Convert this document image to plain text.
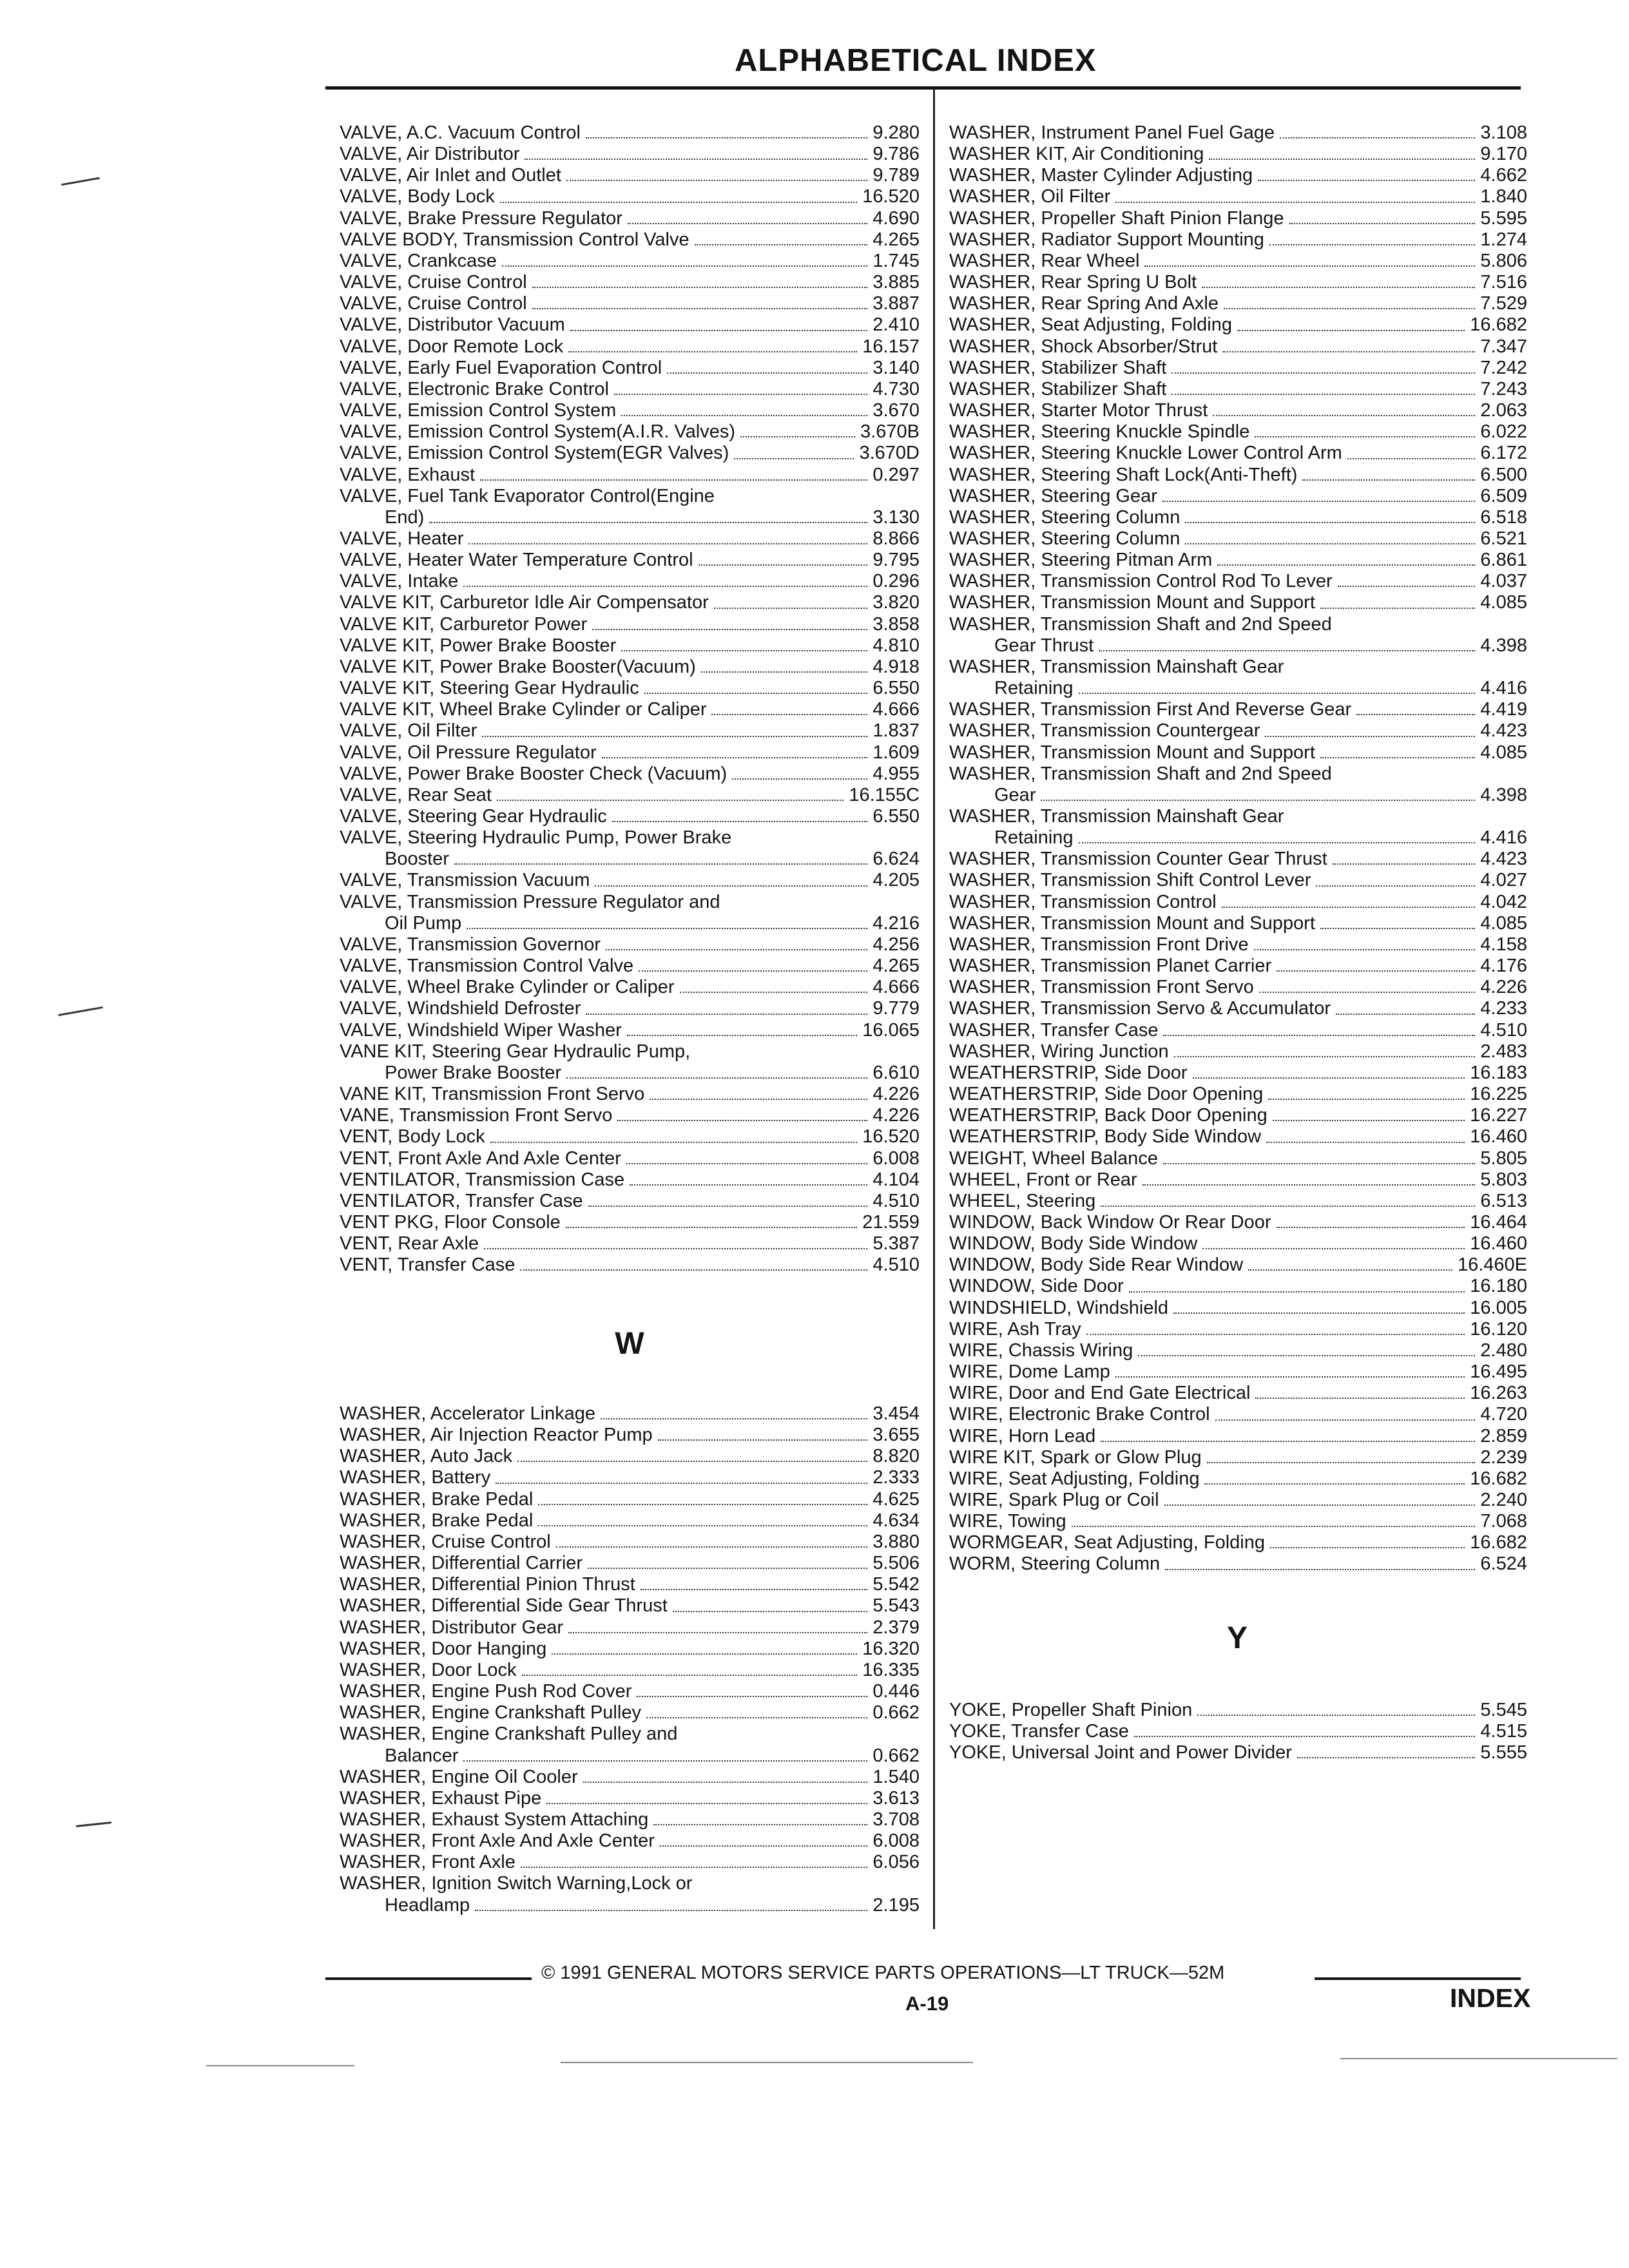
ALPHABETICAL INDEX
VALVE, A.C. Vacuum Control	9.280
VALVE, Air Distributor	9.786
VALVE, Air Inlet and Outlet	9.789
VALVE, Body Lock	16.520
VALVE, Brake Pressure Regulator	4.690
VALVE BODY, Transmission Control Valve	4.265
VALVE, Crankcase	1.745
VALVE, Cruise Control	3.885
VALVE, Cruise Control	3.887
VALVE, Distributor Vacuum	2.410
VALVE, Door Remote Lock	16.157
VALVE, Early Fuel Evaporation Control	3.140
VALVE, Electronic Brake Control	4.730
VALVE, Emission Control System	3.670
VALVE, Emission Control System(A.I.R. Valves)	3.670B
VALVE, Emission Control System(EGR Valves)	3.670D
VALVE, Exhaust	0.297
VALVE, Fuel Tank Evaporator Control(Engine
End)	3.130
VALVE, Heater	8.866
VALVE, Heater Water Temperature Control	9.795
VALVE, Intake	0.296
VALVE KIT, Carburetor Idle Air Compensator	3.820
VALVE KIT, Carburetor Power	3.858
VALVE KIT, Power Brake Booster	4.810
VALVE KIT, Power Brake Booster(Vacuum)	4.918
VALVE KIT, Steering Gear Hydraulic	6.550
VALVE KIT, Wheel Brake Cylinder or Caliper	4.666
VALVE, Oil Filter	1.837
VALVE, Oil Pressure Regulator	1.609
VALVE, Power Brake Booster Check (Vacuum)	4.955
VALVE, Rear Seat	16.155C
VALVE, Steering Gear Hydraulic	6.550
VALVE, Steering Hydraulic Pump, Power Brake
Booster	6.624
VALVE, Transmission Vacuum	4.205
VALVE, Transmission Pressure Regulator and
Oil Pump	4.216
VALVE, Transmission Governor	4.256
VALVE, Transmission Control Valve	4.265
VALVE, Wheel Brake Cylinder or Caliper	4.666
VALVE, Windshield Defroster	9.779
VALVE, Windshield Wiper Washer	16.065
VANE KIT, Steering Gear Hydraulic Pump,
Power Brake Booster	6.610
VANE KIT, Transmission Front Servo	4.226
VANE, Transmission Front Servo	4.226
VENT, Body Lock	16.520
VENT, Front Axle And Axle Center	6.008
VENTILATOR, Transmission Case	4.104
VENTILATOR, Transfer Case	4.510
VENT PKG, Floor Console	21.559
VENT, Rear Axle	5.387
VENT, Transfer Case	4.510
W
WASHER, Accelerator Linkage	3.454
WASHER, Air Injection Reactor Pump	3.655
WASHER, Auto Jack	8.820
WASHER, Battery	2.333
WASHER, Brake Pedal	4.625
WASHER, Brake Pedal	4.634
WASHER, Cruise Control	3.880
WASHER, Differential Carrier	5.506
WASHER, Differential Pinion Thrust	5.542
WASHER, Differential Side Gear Thrust	5.543
WASHER, Distributor Gear	2.379
WASHER, Door Hanging	16.320
WASHER, Door Lock	16.335
WASHER, Engine Push Rod Cover	0.446
WASHER, Engine Crankshaft Pulley	0.662
WASHER, Engine Crankshaft Pulley and
Balancer	0.662
WASHER, Engine Oil Cooler	1.540
WASHER, Exhaust Pipe	3.613
WASHER, Exhaust System Attaching	3.708
WASHER, Front Axle And Axle Center	6.008
WASHER, Front Axle	6.056
WASHER, Ignition Switch Warning,Lock or
Headlamp	2.195
WASHER, Instrument Panel Fuel Gage	3.108
WASHER KIT, Air Conditioning	9.170
WASHER, Master Cylinder Adjusting	4.662
WASHER, Oil Filter	1.840
WASHER, Propeller Shaft Pinion Flange	5.595
WASHER, Radiator Support Mounting	1.274
WASHER, Rear Wheel	5.806
WASHER, Rear Spring U Bolt	7.516
WASHER, Rear Spring And Axle	7.529
WASHER, Seat Adjusting, Folding	16.682
WASHER, Shock Absorber/Strut	7.347
WASHER, Stabilizer Shaft	7.242
WASHER, Stabilizer Shaft	7.243
WASHER, Starter Motor Thrust	2.063
WASHER, Steering Knuckle Spindle	6.022
WASHER, Steering Knuckle Lower Control Arm	6.172
WASHER, Steering Shaft Lock(Anti-Theft)	6.500
WASHER, Steering Gear	6.509
WASHER, Steering Column	6.518
WASHER, Steering Column	6.521
WASHER, Steering Pitman Arm	6.861
WASHER, Transmission Control Rod To Lever	4.037
WASHER, Transmission Mount and Support	4.085
WASHER, Transmission Shaft and 2nd Speed
Gear Thrust	4.398
WASHER, Transmission Mainshaft Gear
Retaining	4.416
WASHER, Transmission First And Reverse Gear	4.419
WASHER, Transmission Countergear	4.423
WASHER, Transmission Mount and Support	4.085
WASHER, Transmission Shaft and 2nd Speed
Gear	4.398
WASHER, Transmission Mainshaft Gear
Retaining	4.416
WASHER, Transmission Counter Gear Thrust	4.423
WASHER, Transmission Shift Control Lever	4.027
WASHER, Transmission Control	4.042
WASHER, Transmission Mount and Support	4.085
WASHER, Transmission Front Drive	4.158
WASHER, Transmission Planet Carrier	4.176
WASHER, Transmission Front Servo	4.226
WASHER, Transmission Servo & Accumulator	4.233
WASHER, Transfer Case	4.510
WASHER, Wiring Junction	2.483
WEATHERSTRIP, Side Door	16.183
WEATHERSTRIP, Side Door Opening	16.225
WEATHERSTRIP, Back Door Opening	16.227
WEATHERSTRIP, Body Side Window	16.460
WEIGHT, Wheel Balance	5.805
WHEEL, Front or Rear	5.803
WHEEL, Steering	6.513
WINDOW, Back Window Or Rear Door	16.464
WINDOW, Body Side Window	16.460
WINDOW, Body Side Rear Window	16.460E
WINDOW, Side Door	16.180
WINDSHIELD, Windshield	16.005
WIRE, Ash Tray	16.120
WIRE, Chassis Wiring	2.480
WIRE, Dome Lamp	16.495
WIRE, Door and End Gate Electrical	16.263
WIRE, Electronic Brake Control	4.720
WIRE, Horn Lead	2.859
WIRE KIT, Spark or Glow Plug	2.239
WIRE, Seat Adjusting, Folding	16.682
WIRE, Spark Plug or Coil	2.240
WIRE, Towing	7.068
WORMGEAR, Seat Adjusting, Folding	16.682
WORM, Steering Column	6.524
Y
YOKE, Propeller Shaft Pinion	5.545
YOKE, Transfer Case	4.515
YOKE, Universal Joint and Power Divider	5.555
© 1991 GENERAL MOTORS SERVICE PARTS OPERATIONS—LT TRUCK—52M
A-19	INDEX
